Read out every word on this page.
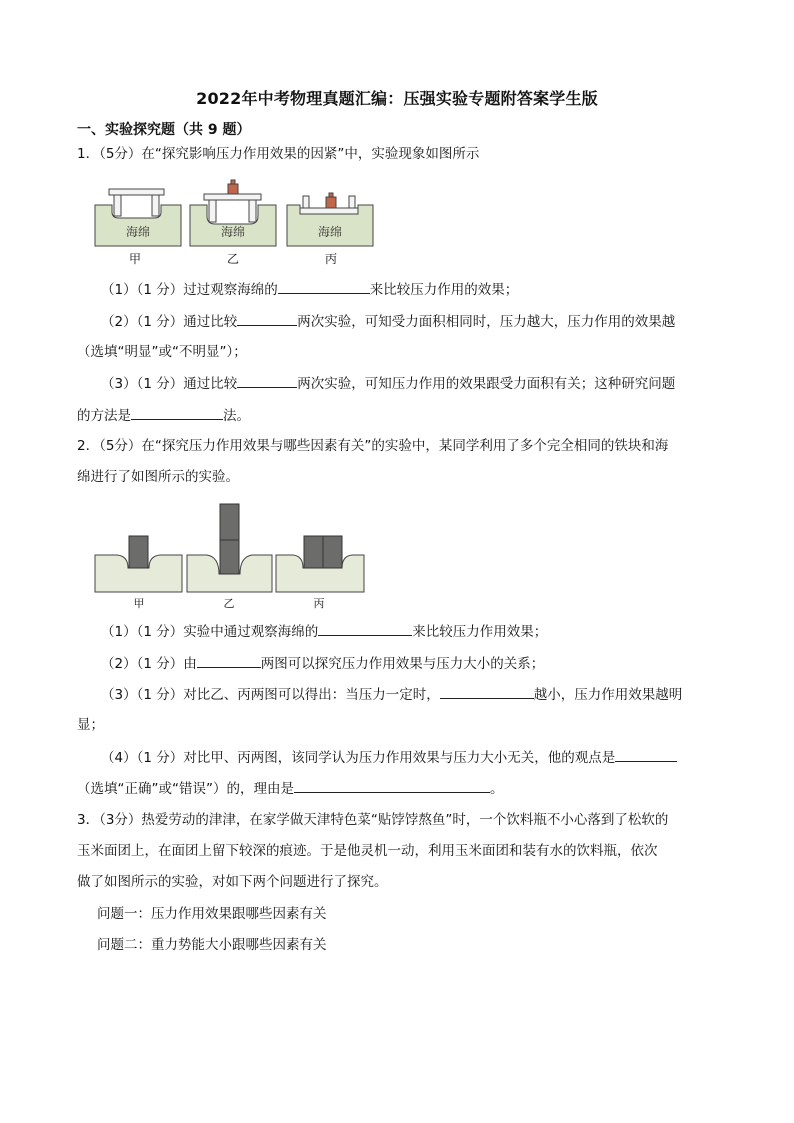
2022年中考物理真题汇编：压强实验专题附答案学生版
一、实验探究题（共 9 题）
1．（5分）在“探究影响压力作用效果的因紧”中，实验现象如图所示
海绵	海绵	海绵
甲	乙	丙
（1）（1 分）过过观察海绵的	来比较压力作用的效果；
（2）（1 分）通过比较	两次实验，可知受力面积相同时，压力越大，压力作用的效果越
（选填“明显”或“不明显”）；
（3）（1 分）通过比较	两次实验，可知压力作用的效果跟受力面积有关；这种研究问题
的方法是	法。
2．（5分）在“探究压力作用效果与哪些因素有关”的实验中，某同学利用了多个完全相同的铁块和海
绵进行了如图所示的实验。
甲	乙	丙
（1）（1 分）实验中通过观察海绵的	来比较压力作用效果；
（2）（1 分）由	两图可以探究压力作用效果与压力大小的关系；
（3）（1 分）对比乙、丙两图可以得出：当压力一定时，	越小，压力作用效果越明
显；
（4）（1 分）对比甲、丙两图，该同学认为压力作用效果与压力大小无关，他的观点是
（选填“正确”或“错误”）的，理由是	。
3．（3分）热爱劳动的津津，在家学做天津特色菜“贴饽饽熬鱼”时，一个饮料瓶不小心落到了松软的
玉米面团上，在面团上留下较深的痕迹。于是他灵机一动，利用玉米面团和装有水的饮料瓶，依次
做了如图所示的实验，对如下两个问题进行了探究。
问题一：压力作用效果跟哪些因素有关
问题二：重力势能大小跟哪些因素有关
